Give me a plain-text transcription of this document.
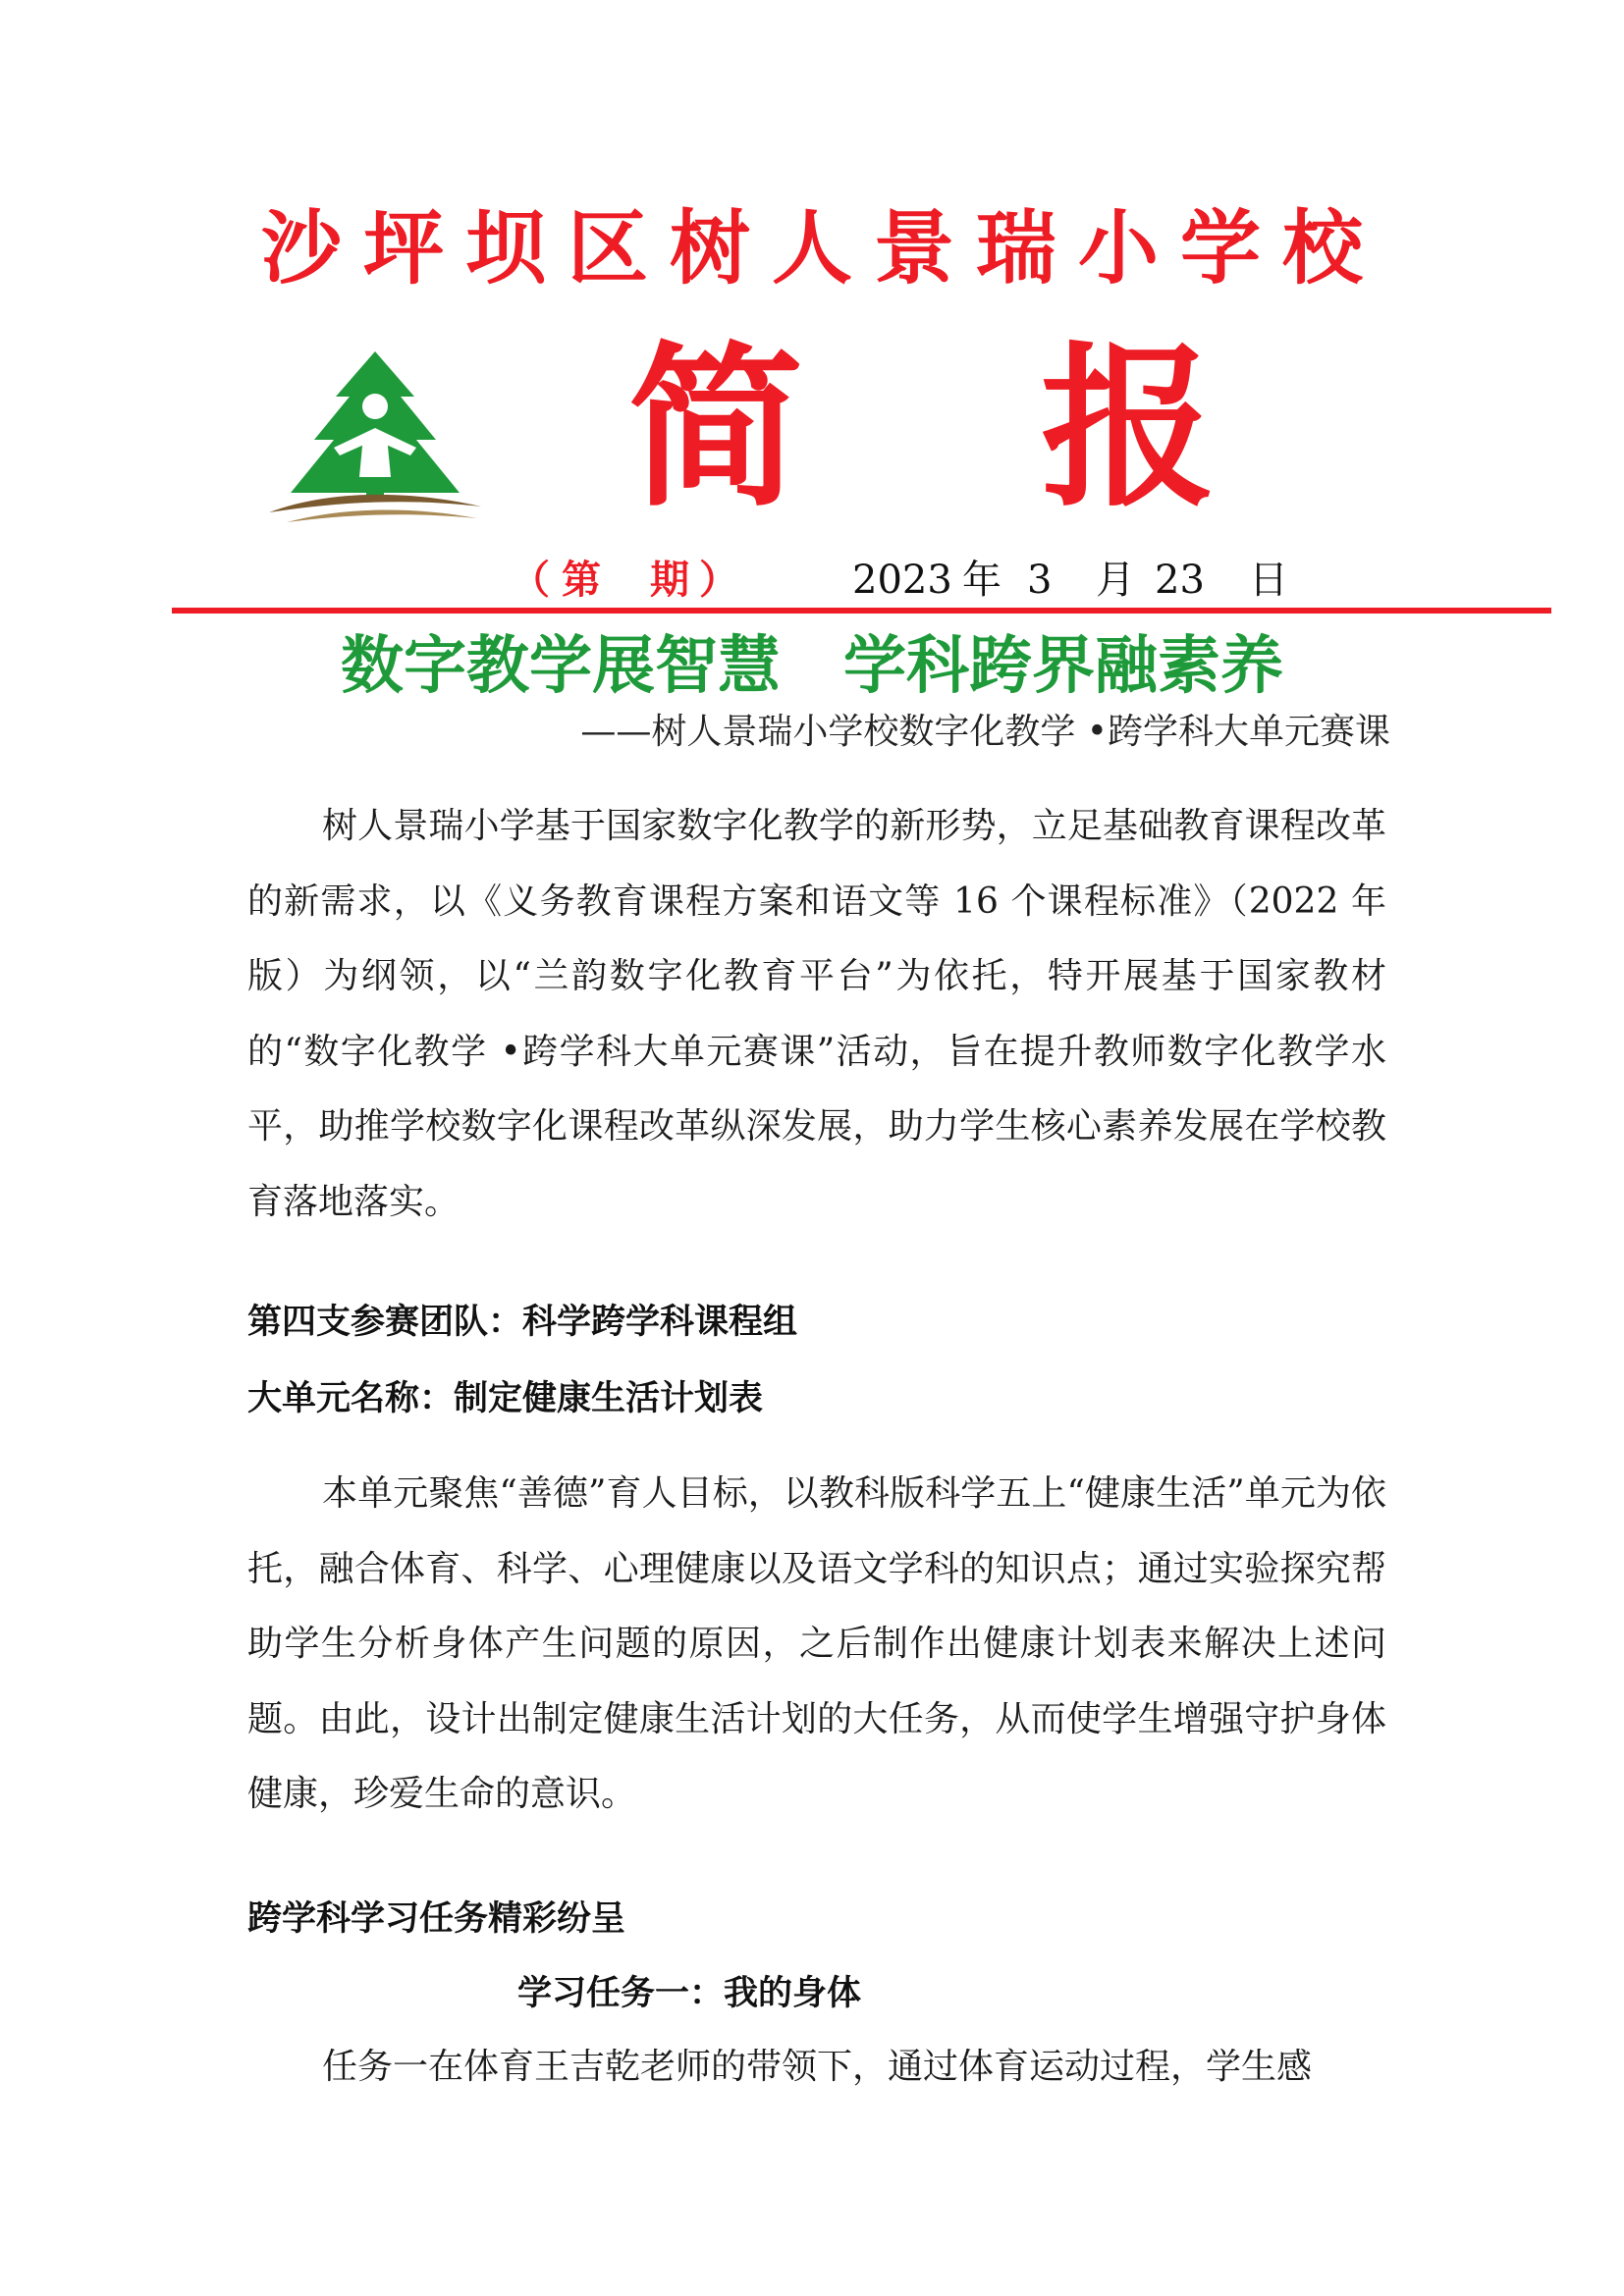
沙坪坝区树人景瑞小学校
简 报
（ 第 期 ）	2023 年 3 月 23 日
数字教学展智慧　学科跨界融素养
——树人景瑞小学校数字化教学 •跨学科大单元赛课

树人景瑞小学基于国家数字化教学的新形势，立足基础教育课程改革的新需求，以《义务教育课程方案和语文等 16 个课程标准》（2022 年版）为纲领，以“兰韵数字化教育平台”为依托，特开展基于国家教材的“数字化教学 •跨学科大单元赛课”活动，旨在提升教师数字化教学水平，助推学校数字化课程改革纵深发展，助力学生核心素养发展在学校教育落地落实。

第四支参赛团队：科学跨学科课程组
大单元名称：制定健康生活计划表

本单元聚焦“善德”育人目标，以教科版科学五上“健康生活”单元为依托，融合体育、科学、心理健康以及语文学科的知识点；通过实验探究帮助学生分析身体产生问题的原因，之后制作出健康计划表来解决上述问题。由此，设计出制定健康生活计划的大任务，从而使学生增强守护身体健康，珍爱生命的意识。

跨学科学习任务精彩纷呈
学习任务一：我的身体

任务一在体育王吉乾老师的带领下，通过体育运动过程，学生感
